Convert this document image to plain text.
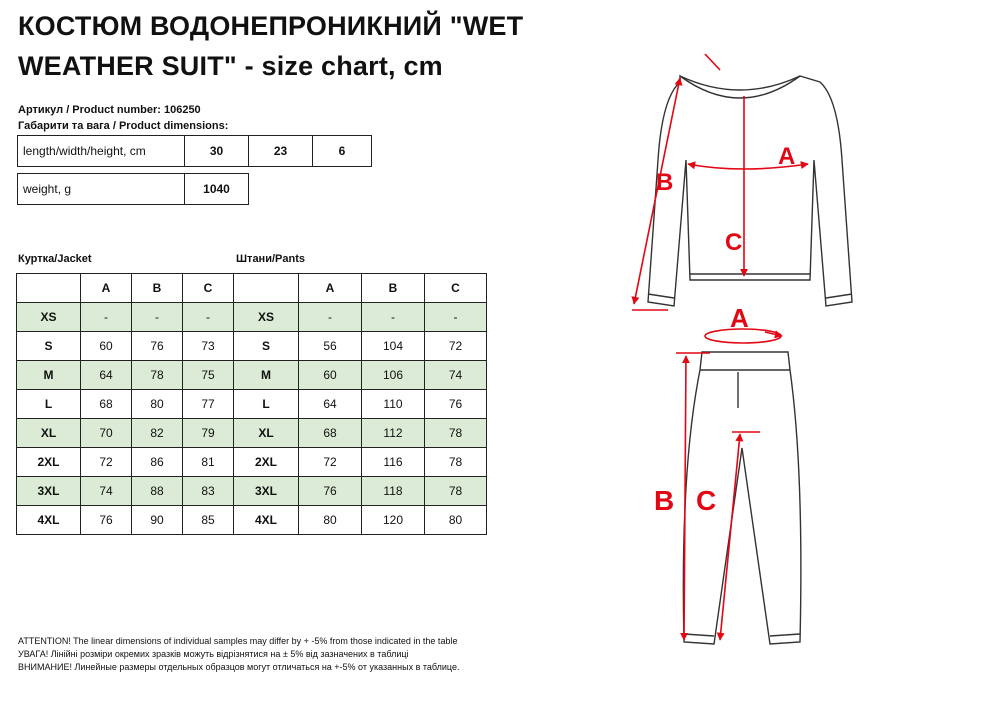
КОСТЮМ ВОДОНЕПРОНИКНИЙ "WET
WEATHER SUIT" - size chart, cm
Артикул / Product number: 106250
Габарити та вага / Product dimensions:
length/width/height, cm	30	23	6
weight, g	1040
Куртка/Jacket	Штани/Pants
	A	B	C		A	B	C
XS	-	-	-	XS	-	-	-
S	60	76	73	S	56	104	72
M	64	78	75	M	60	106	74
L	68	80	77	L	64	110	76
XL	70	82	79	XL	68	112	78
2XL	72	86	81	2XL	72	116	78
3XL	74	88	83	3XL	76	118	78
4XL	76	90	85	4XL	80	120	80
ATTENTION! The linear dimensions of individual samples may differ by + -5% from those indicated in the table
УВАГА! Лінійні розміри окремих зразків можуть відрізнятися на ± 5% від зазначених в таблиці
ВНИМАНИЕ! Линейные размеры отдельных образцов могут отличаться на +-5% от указанных в таблице.
B
A
C
A
B C
